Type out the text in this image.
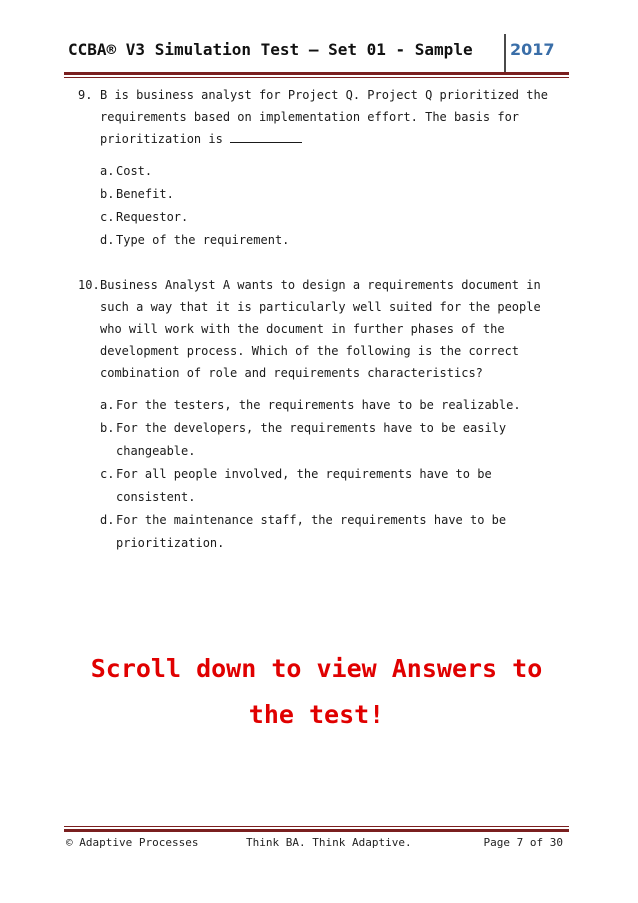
CCBA® V3 Simulation Test – Set 01 - Sample 2017
9. B is business analyst for Project Q. Project Q prioritized the requirements based on implementation effort. The basis for prioritization is
a. Cost.
b. Benefit.
c. Requestor.
d. Type of the requirement.
10. Business Analyst A wants to design a requirements document in such a way that it is particularly well suited for the people who will work with the document in further phases of the development process. Which of the following is the correct combination of role and requirements characteristics?
a. For the testers, the requirements have to be realizable.
b. For the developers, the requirements have to be easily changeable.
c. For all people involved, the requirements have to be consistent.
d. For the maintenance staff, the requirements have to be prioritization.
Scroll down to view Answers to
the test!
© Adaptive Processes	Think BA. Think Adaptive.	Page 7 of 30
